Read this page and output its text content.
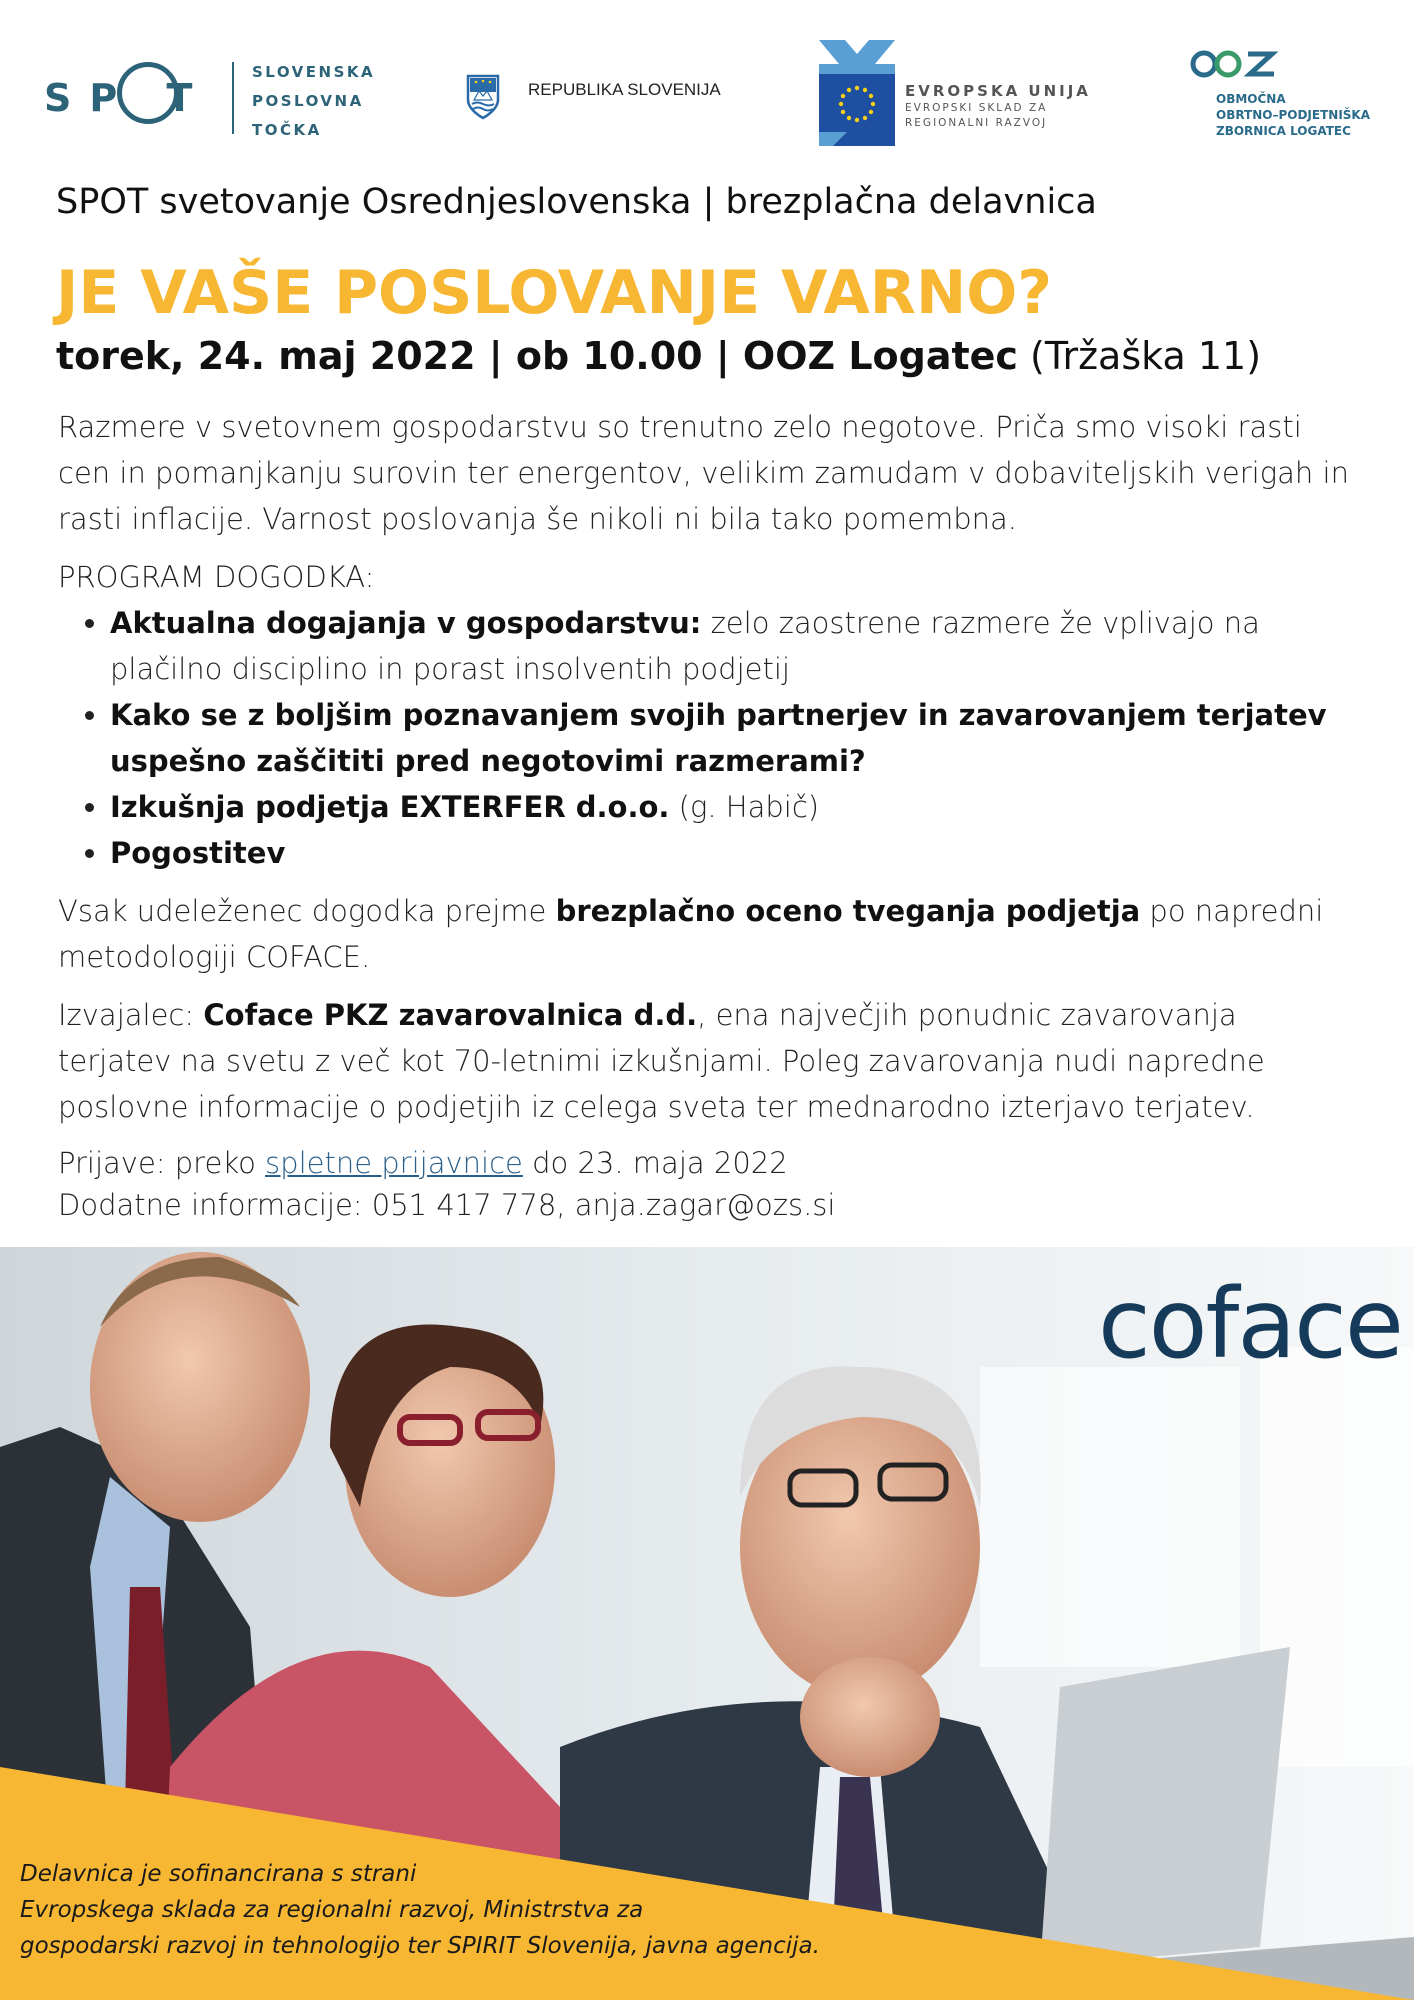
SP T
SLOVENSKA
POSLOVNA
TOČKA
REPUBLIKA SLOVENIJA	EVROPSKA UNIJA
EVROPSKI SKLAD ZA
REGIONALNI RAZVOJ
OBMOČNA
OBRTNO–PODJETNIŠKA
ZBORNICA LOGATEC
SPOT svetovanje Osrednjeslovenska | brezplačna delavnica
JE VAŠE POSLOVANJE VARNO?
torek, 24. maj 2022 | ob 10.00 | OOZ Logatec (Tržaška 11)

Razmere v svetovnem gospodarstvu so trenutno zelo negotove. Priča smo visoki rasti cen in pomanjkanju surovin ter energentov, velikim zamudam v dobaviteljskih verigah in rasti inflacije. Varnost poslovanja še nikoli ni bila tako pomembna.

PROGRAM DOGODKA:

• Aktualna dogajanja v gospodarstvu: zelo zaostrene razmere že vplivajo na plačilno disciplino in porast insolventih podjetij
• Kako se z boljšim poznavanjem svojih partnerjev in zavarovanjem terjatev uspešno zaščititi pred negotovimi razmerami?
• Izkušnja podjetja EXTERFER d.o.o. (g. Habič)
• Pogostitev

Vsak udeleženec dogodka prejme brezplačno oceno tveganja podjetja po napredni metodologiji COFACE.

Izvajalec: Coface PKZ zavarovalnica d.d., ena največjih ponudnic zavarovanja terjatev na svetu z več kot 70-letnimi izkušnjami. Poleg zavarovanja nudi napredne poslovne informacije o podjetjih iz celega sveta ter mednarodno izterjavo terjatev.

Prijave: preko spletne prijavnice do 23. maja 2022

Dodatne informacije: 051 417 778, anja.zagar@ozs.si

coface
Delavnica je sofinancirana s strani
Evropskega sklada za regionalni razvoj, Ministrstva za
gospodarski razvoj in tehnologijo ter SPIRIT Slovenija, javna agencija.
